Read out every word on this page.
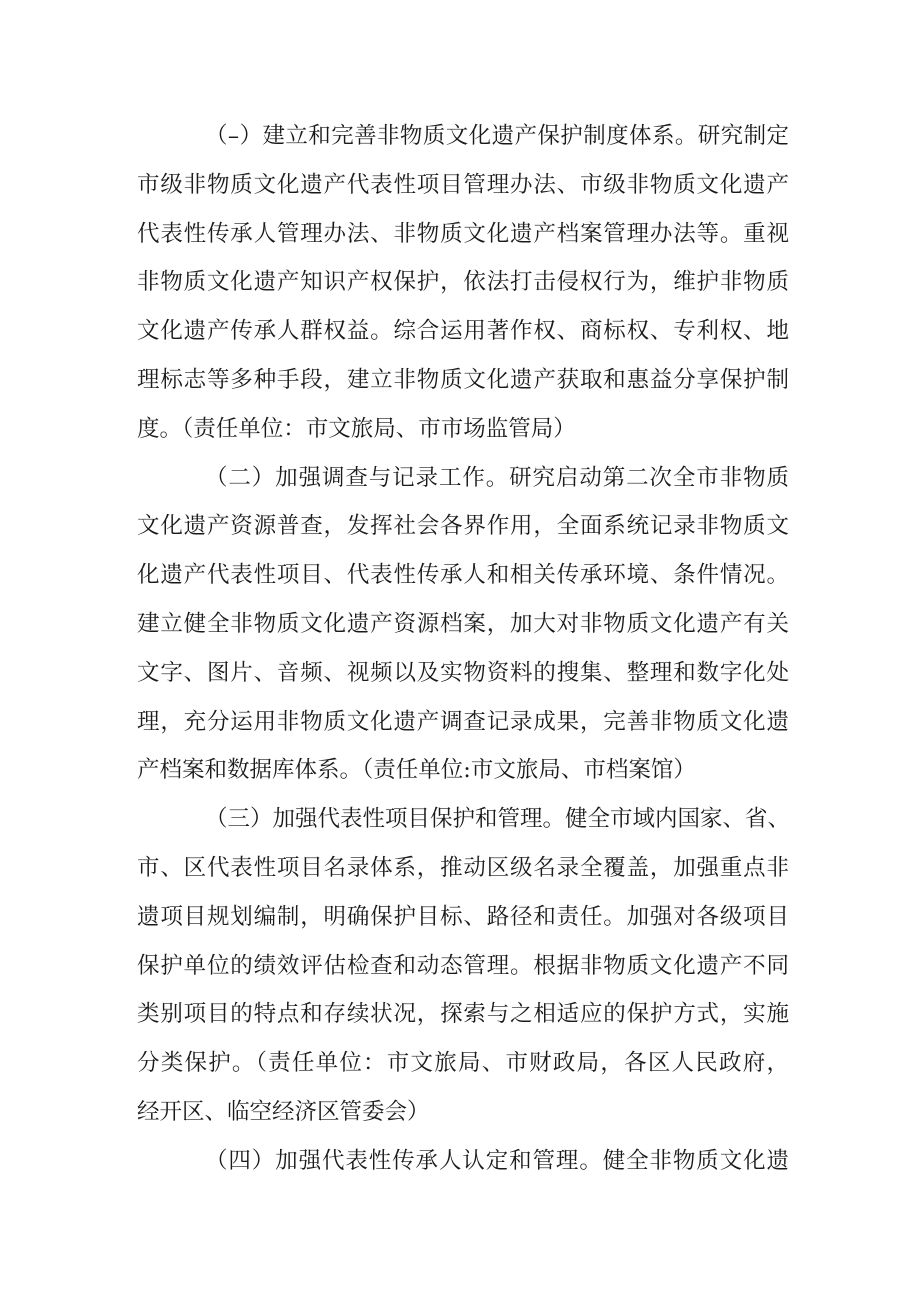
（–）建立和完善非物质文化遗产保护制度体系。研究制定
市级非物质文化遗产代表性项目管理办法、市级非物质文化遗产
代表性传承人管理办法、非物质文化遗产档案管理办法等。重视
非物质文化遗产知识产权保护，依法打击侵权行为，维护非物质
文化遗产传承人群权益。综合运用著作权、商标权、专利权、地
理标志等多种手段，建立非物质文化遗产获取和惠益分享保护制
度。（责任单位：市文旅局、市市场监管局）
（二）加强调查与记录工作。研究启动第二次全市非物质
文化遗产资源普查，发挥社会各界作用，全面系统记录非物质文
化遗产代表性项目、代表性传承人和相关传承环境、条件情况。
建立健全非物质文化遗产资源档案，加大对非物质文化遗产有关
文字、图片、音频、视频以及实物资料的搜集、整理和数字化处
理，充分运用非物质文化遗产调查记录成果，完善非物质文化遗
产档案和数据库体系。（责任单位:市文旅局、市档案馆）
（三）加强代表性项目保护和管理。健全市域内国家、省、
市、区代表性项目名录体系，推动区级名录全覆盖，加强重点非
遗项目规划编制，明确保护目标、路径和责任。加强对各级项目
保护单位的绩效评估检查和动态管理。根据非物质文化遗产不同
类别项目的特点和存续状况，探索与之相适应的保护方式，实施
分类保护。（责任单位：市文旅局、市财政局，各区人民政府，
经开区、临空经济区管委会）
（四）加强代表性传承人认定和管理。健全非物质文化遗
